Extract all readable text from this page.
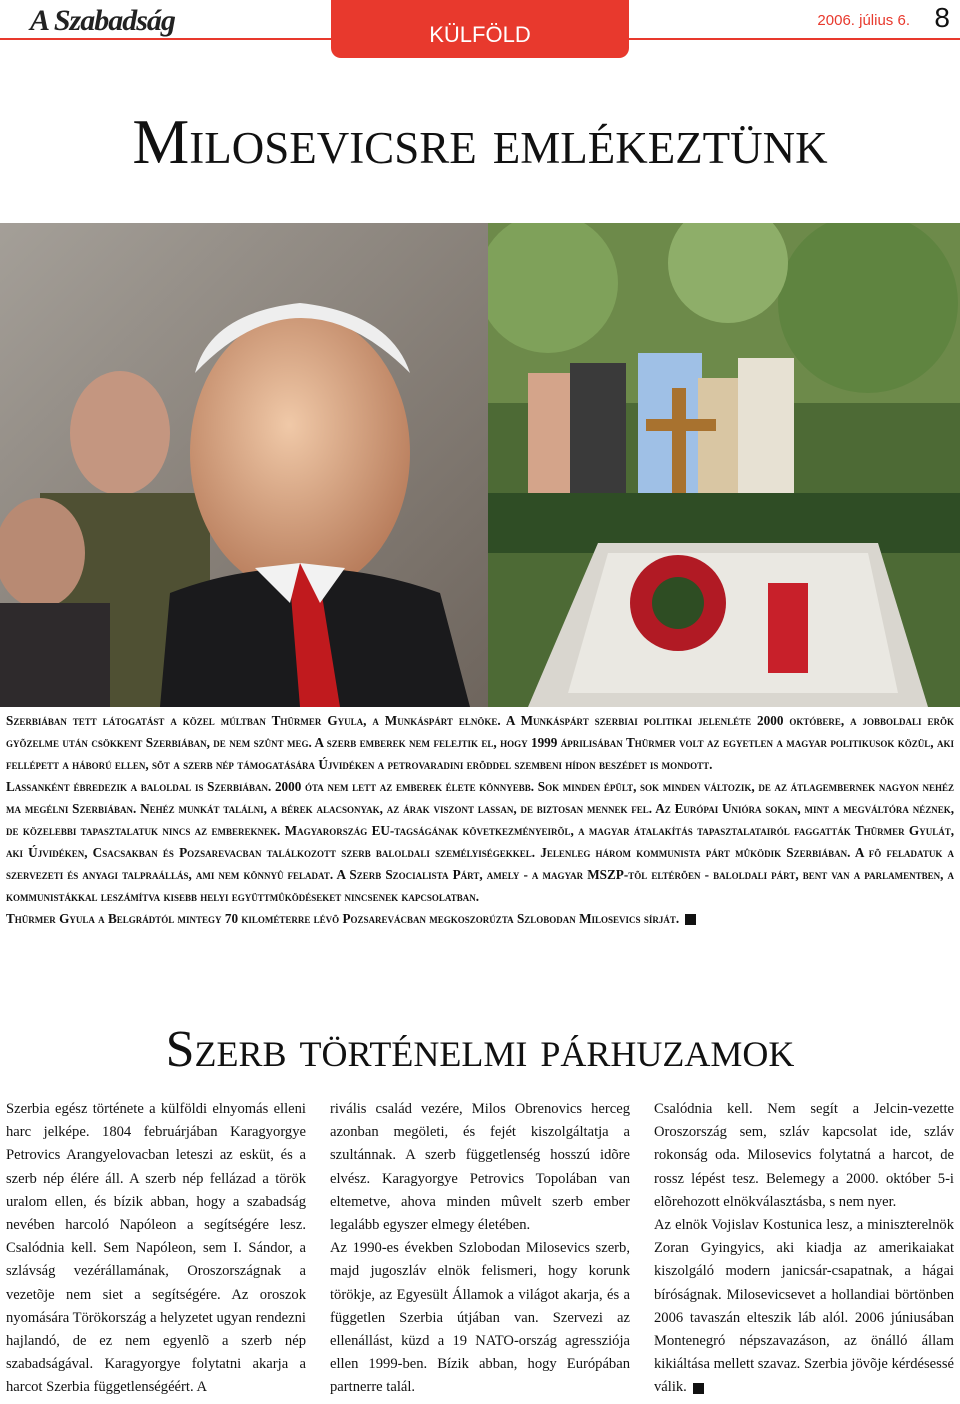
A Szabadság	KÜLFÖLD
2006. július 6. 8
Milosevicsre emlékeztünk

Szerbiában tett látogatást a közel múltban Thürmer Gyula, a Munkáspárt elnöke. A Munkáspárt szerbiai politikai jelenléte 2000 októbere, a jobboldali erõk gyõzelme után csökkent Szerbiában, de nem szûnt meg. A szerb emberek nem felejtik el, hogy 1999 áprilisában Thürmer volt az egyetlen a magyar politikusok közül, aki fellépett a háború ellen, sõt a szerb nép támogatására Újvidéken a petrovaradini erõddel szembeni hídon beszédet is mondott.

Lassanként ébredezik a baloldal is Szerbiában. 2000 óta nem lett az emberek élete könnyebb. Sok minden épült, sok minden változik, de az átlagembernek nagyon nehéz ma megélni Szerbiában. Nehéz munkát találni, a bérek alacsonyak, az árak viszont lassan, de biztosan mennek fel. Az Európai Unióra sokan, mint a megváltóra néznek, de közelebbi tapasztalatuk nincs az embereknek. Magyarország EU-tagságának következményeirõl, a magyar átalakítás tapasztalatairól faggatták Thürmer Gyulát, aki Újvidéken, Csacsakban és Pozsarevacban találkozott szerb baloldali személyiségekkel. Jelenleg három kommunista párt mûködik Szerbiában. A fõ feladatuk a szervezeti és anyagi talpraállás, ami nem könnyû feladat. A Szerb Szocialista Párt, amely - a magyar MSZP-tõl eltérõen - baloldali párt, bent van a parlamentben, a kommunistákkal leszámítva kisebb helyi együttmûködéseket nincsenek kapcsolatban.

Thürmer Gyula a Belgrádtól mintegy 70 kilométerre lévõ Pozsarevácban megkoszorúzta Szlobodan Milosevics sírját.

Szerb történelmi párhuzamok

Szerbia egész története a külföldi elnyomás elleni harc jelképe. 1804 februárjában Karagyorgye Petrovics Arangyelovacban leteszi az esküt, és a szerb nép élére áll. A szerb nép fellázad a török uralom ellen, és bízik abban, hogy a szabadság nevében harcoló Napóleon a segítségére lesz. Csalódnia kell. Sem Napóleon, sem I. Sándor, a szlávság vezérállamának, Oroszországnak a vezetõje nem siet a segítségére. Az oroszok nyomására Törökország a helyzetet ugyan rendezni hajlandó, de ez nem egyenlõ a szerb nép szabadságával. Karagyorgye folytatni akarja a harcot Szerbia függetlenségéért. A

rivális család vezére, Milos Obrenovics herceg azonban megöleti, és fejét kiszolgáltatja a szultánnak. A szerb függetlenség hosszú idõre elvész. Karagyorgye Petrovics Topolában van eltemetve, ahova minden mûvelt szerb ember legalább egyszer elmegy életében.

Az 1990-es években Szlobodan Milosevics szerb, majd jugoszláv elnök felismeri, hogy korunk törökje, az Egyesült Államok a világot akarja, és a független Szerbia útjában van. Szervezi az ellenállást, küzd a 19 NATO-ország agressziója ellen 1999-ben. Bízik abban, hogy Európában partnerre talál.

Csalódnia kell. Nem segít a Jelcin-vezette Oroszország sem, szláv kapcsolat ide, szláv rokonság oda. Milosevics folytatná a harcot, de rossz lépést tesz. Belemegy a 2000. október 5-i elõrehozott elnökválasztásba, s nem nyer.

Az elnök Vojislav Kostunica lesz, a miniszterelnök Zoran Gyingyics, aki kiadja az amerikaiakat kiszolgáló modern janicsár-csapatnak, a hágai bíróságnak. Milosevicsevet a hollandiai börtönben 2006 tavaszán elteszik láb alól. 2006 júniusában Montenegró népszavazáson, az önálló állam kikiáltása mellett szavaz. Szerbia jövõje kérdésessé válik.
